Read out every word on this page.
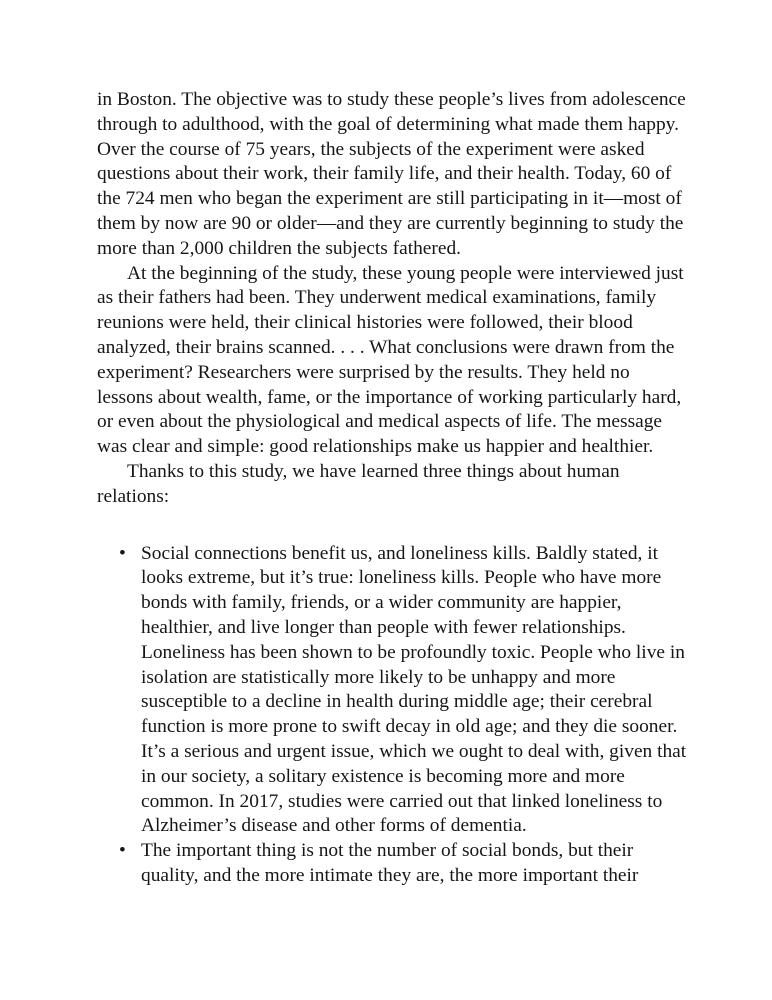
in Boston. The objective was to study these people’s lives from adolescence through to adulthood, with the goal of determining what made them happy. Over the course of 75 years, the subjects of the experiment were asked questions about their work, their family life, and their health. Today, 60 of the 724 men who began the experiment are still participating in it—most of them by now are 90 or older—and they are currently beginning to study the more than 2,000 children the subjects fathered.

At the beginning of the study, these young people were interviewed just as their fathers had been. They underwent medical examinations, family reunions were held, their clinical histories were followed, their blood analyzed, their brains scanned. . . . What conclusions were drawn from the experiment? Researchers were surprised by the results. They held no lessons about wealth, fame, or the importance of working particularly hard, or even about the physiological and medical aspects of life. The message was clear and simple: good relationships make us happier and healthier.

Thanks to this study, we have learned three things about human relations:

• Social connections benefit us, and loneliness kills. Baldly stated, it looks extreme, but it’s true: loneliness kills. People who have more bonds with family, friends, or a wider community are happier, healthier, and live longer than people with fewer relationships. Loneliness has been shown to be profoundly toxic. People who live in isolation are statistically more likely to be unhappy and more susceptible to a decline in health during middle age; their cerebral function is more prone to swift decay in old age; and they die sooner. It’s a serious and urgent issue, which we ought to deal with, given that in our society, a solitary existence is becoming more and more common. In 2017, studies were carried out that linked loneliness to Alzheimer’s disease and other forms of dementia.
• The important thing is not the number of social bonds, but their quality, and the more intimate they are, the more important their
